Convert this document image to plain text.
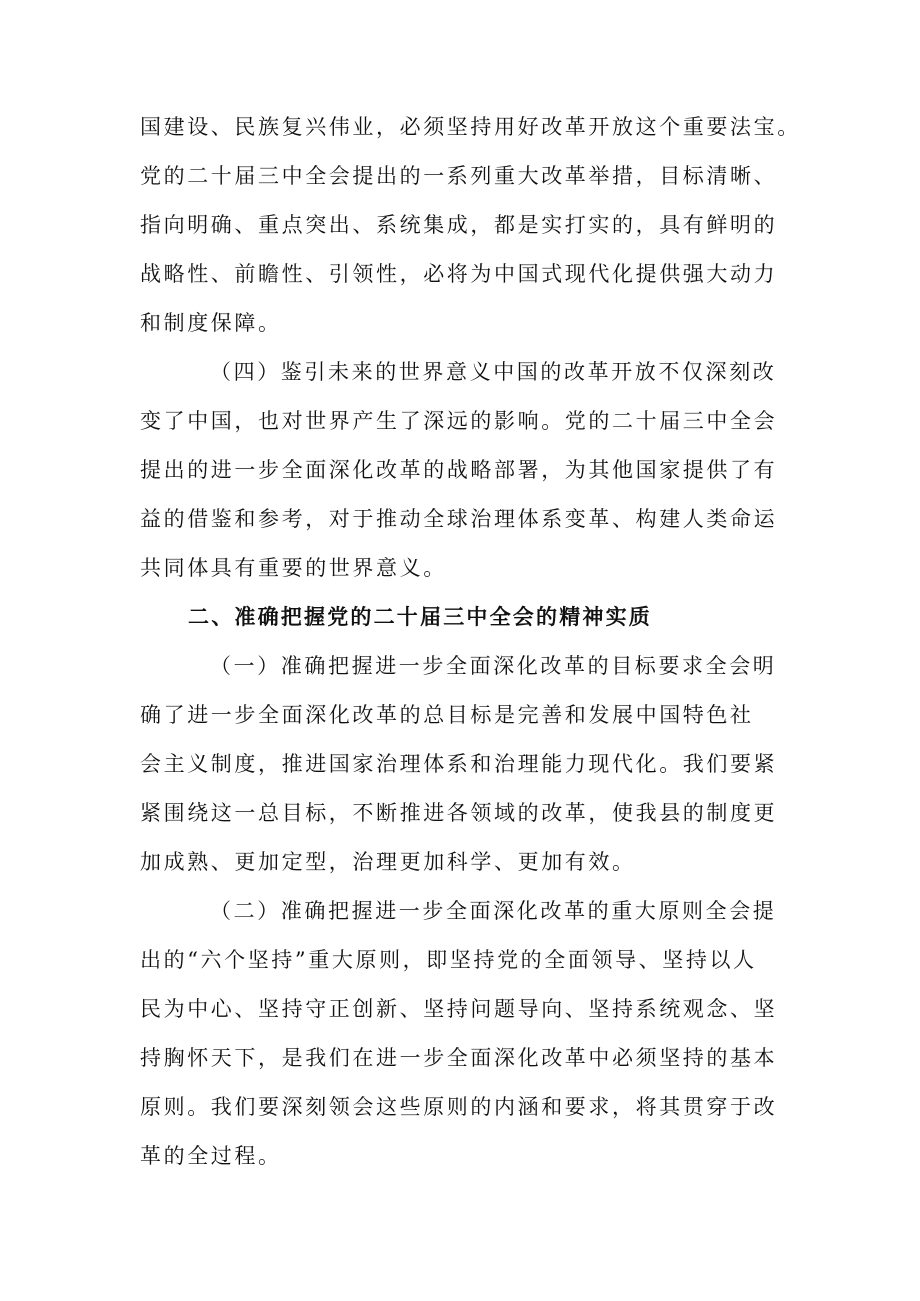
国建设、民族复兴伟业，必须坚持用好改革开放这个重要法宝。
党的二十届三中全会提出的一系列重大改革举措，目标清晰、
指向明确、重点突出、系统集成，都是实打实的，具有鲜明的
战略性、前瞻性、引领性，必将为中国式现代化提供强大动力
和制度保障。
（四）鉴引未来的世界意义中国的改革开放不仅深刻改
变了中国，也对世界产生了深远的影响。党的二十届三中全会
提出的进一步全面深化改革的战略部署，为其他国家提供了有
益的借鉴和参考，对于推动全球治理体系变革、构建人类命运
共同体具有重要的世界意义。
二、准确把握党的二十届三中全会的精神实质
（一）准确把握进一步全面深化改革的目标要求全会明
确了进一步全面深化改革的总目标是完善和发展中国特色社
会主义制度，推进国家治理体系和治理能力现代化。我们要紧
紧围绕这一总目标，不断推进各领域的改革，使我县的制度更
加成熟、更加定型，治理更加科学、更加有效。
（二）准确把握进一步全面深化改革的重大原则全会提
出的“六个坚持”重大原则，即坚持党的全面领导、坚持以人
民为中心、坚持守正创新、坚持问题导向、坚持系统观念、坚
持胸怀天下，是我们在进一步全面深化改革中必须坚持的基本
原则。我们要深刻领会这些原则的内涵和要求，将其贯穿于改
革的全过程。
